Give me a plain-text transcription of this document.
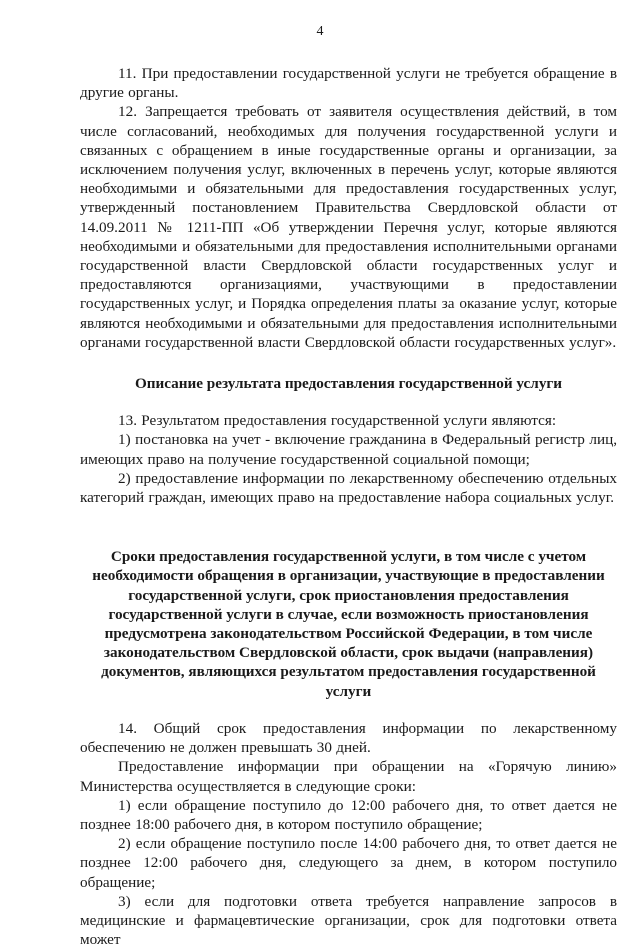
4

11. При предоставлении государственной услуги не требуется обращение в другие органы.

12. Запрещается требовать от заявителя осуществления действий, в том числе согласований, необходимых для получения государственной услуги и связанных с обращением в иные государственные органы и организации, за исключением получения услуг, включенных в перечень услуг, которые являются необходимыми и обязательными для предоставления государственных услуг, утвержденный постановлением Правительства Свердловской области от 14.09.2011 № 1211-ПП «Об утверждении Перечня услуг, которые являются необходимыми и обязательными для предоставления исполнительными органами государственной власти Свердловской области государственных услуг и предоставляются организациями, участвующими в предоставлении государственных услуг, и Порядка определения платы за оказание услуг, которые являются необходимыми и обязательными для предоставления исполнительными органами государственной власти Свердловской области государственных услуг».

Описание результата предоставления государственной услуги

13. Результатом предоставления государственной услуги являются:

1) постановка на учет - включение гражданина в Федеральный регистр лиц, имеющих право на получение государственной социальной помощи;

2) предоставление информации по лекарственному обеспечению отдельных категорий граждан, имеющих право на предоставление набора социальных услуг.

Сроки предоставления государственной услуги, в том числе с учетом необходимости обращения в организации, участвующие в предоставлении государственной услуги, срок приостановления предоставления государственной услуги в случае, если возможность приостановления предусмотрена законодательством Российской Федерации, в том числе законодательством Свердловской области, срок выдачи (направления) документов, являющихся результатом предоставления государственной услуги

14. Общий срок предоставления информации по лекарственному обеспечению не должен превышать 30 дней.

Предоставление информации при обращении на «Горячую линию» Министерства осуществляется в следующие сроки:

1) если обращение поступило до 12:00 рабочего дня, то ответ дается не позднее 18:00 рабочего дня, в котором поступило обращение;

2) если обращение поступило после 14:00 рабочего дня, то ответ дается не позднее 12:00 рабочего дня, следующего за днем, в котором поступило обращение;

3) если для подготовки ответа требуется направление запросов в медицинские и фармацевтические организации, срок для подготовки ответа может
